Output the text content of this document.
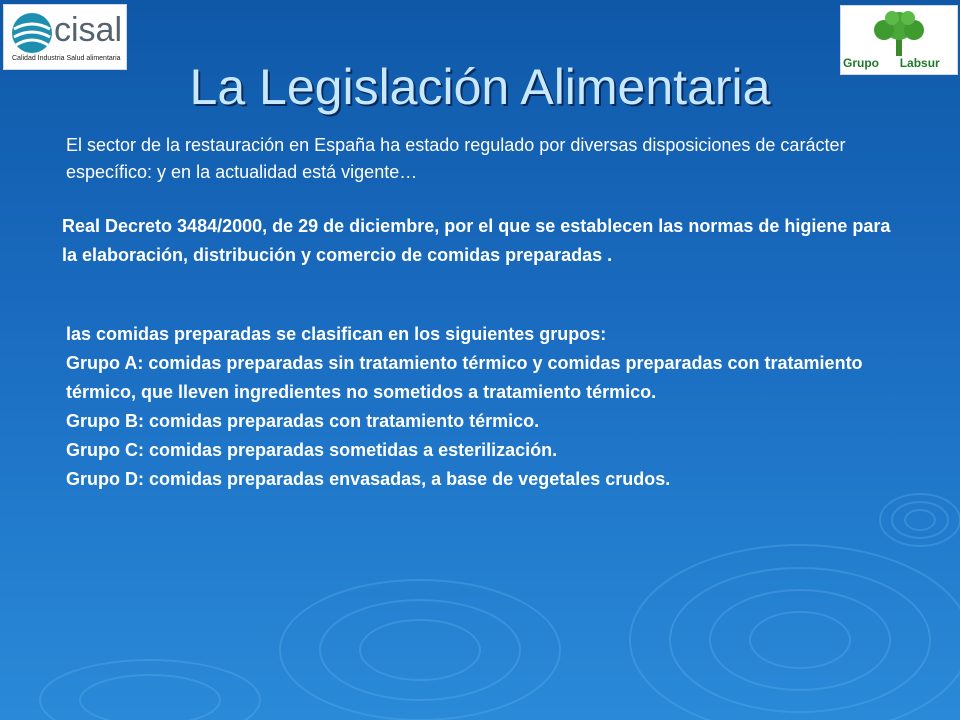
cisal
Calidad Industria Salud alimentaria	Grupo Labsur
La Legislación Alimentaria

El sector de la restauración en España ha estado regulado por diversas disposiciones de carácter específico: y en la actualidad está vigente…

Real Decreto 3484/2000, de 29 de diciembre, por el que se establecen las normas de higiene para la elaboración, distribución y comercio de comidas preparadas .

las comidas preparadas se clasifican en los siguientes grupos:
Grupo A: comidas preparadas sin tratamiento térmico y comidas preparadas con tratamiento térmico, que lleven ingredientes no sometidos a tratamiento térmico.
Grupo B: comidas preparadas con tratamiento térmico.
Grupo C: comidas preparadas sometidas a esterilización.
Grupo D: comidas preparadas envasadas, a base de vegetales crudos.
